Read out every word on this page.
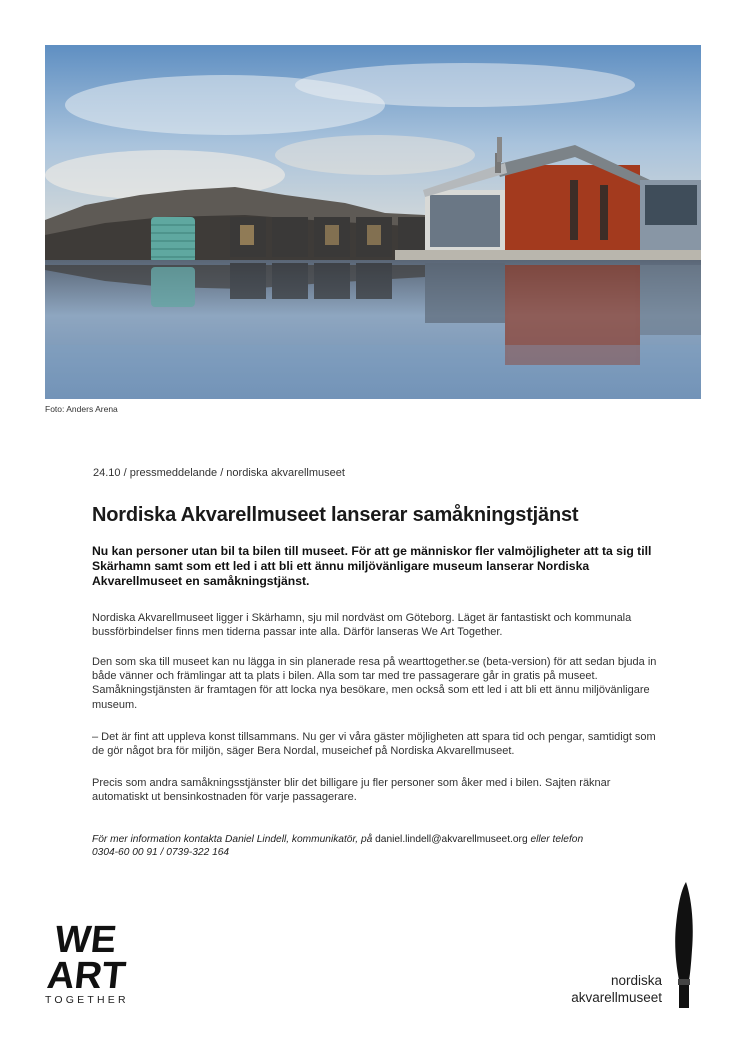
Foto: Anders Arena
24.10 / pressmeddelande / nordiska akvarellmuseet
Nordiska Akvarellmuseet lanserar samåkningstjänst

Nu kan personer utan bil ta bilen till museet. För att ge människor fler valmöjligheter att ta sig till Skärhamn samt som ett led i att bli ett ännu miljövänligare museum lanserar Nordiska Akvarellmuseet en samåkningstjänst.

Nordiska Akvarellmuseet ligger i Skärhamn, sju mil nordväst om Göteborg. Läget är fantastiskt och kommunala bussförbindelser finns men tiderna passar inte alla. Därför lanseras We Art Together.

Den som ska till museet kan nu lägga in sin planerade resa på wearttogether.se (beta-version) för att sedan bjuda in både vänner och främlingar att ta plats i bilen. Alla som tar med tre passagerare går in gratis på museet. Samåkningstjänsten är framtagen för att locka nya besökare, men också som ett led i att bli ett ännu miljövänligare museum.

– Det är fint att uppleva konst tillsammans. Nu ger vi våra gäster möjligheten att spara tid och pengar, samtidigt som de gör något bra för miljön, säger Bera Nordal, museichef på Nordiska Akvarellmuseet.

Precis som andra samåkningsstjänster blir det billigare ju fler personer som åker med i bilen. Sajten räknar automatiskt ut bensinkostnaden för varje passagerare.

För mer information kontakta Daniel Lindell, kommunikatör, på daniel.lindell@akvarellmuseet.org eller telefon
0304-60 00 91 / 0739-322 164

WE
ART
TOGETHER
nordiska
akvarellmuseet
